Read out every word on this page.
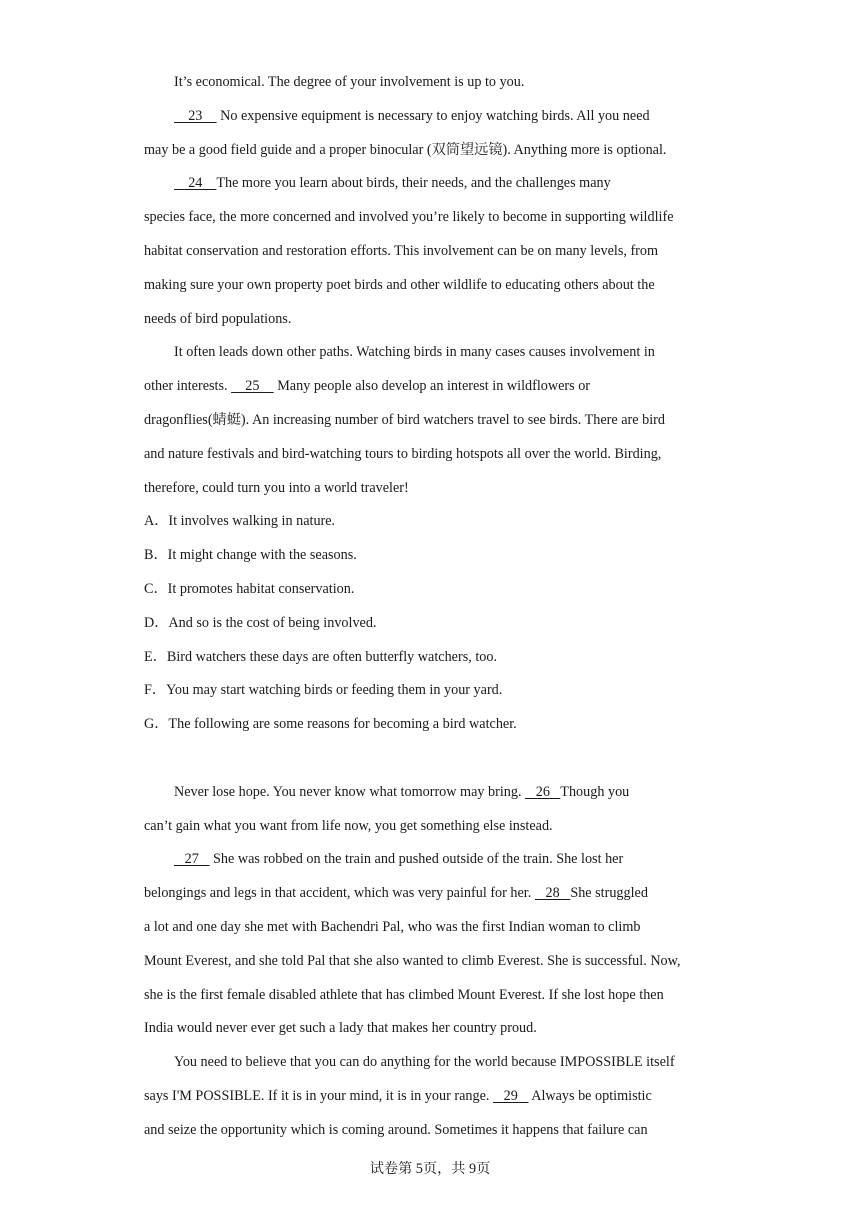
It’s economical. The degree of your involvement is up to you.
23     No expensive equipment is necessary to enjoy watching birds. All you need
may be a good field guide and a proper binocular (双筒望远镜). Anything more is optional.
24    The more you learn about birds, their needs, and the challenges many
species face, the more concerned and involved you’re likely to become in supporting wildlife
habitat conservation and restoration efforts. This involvement can be on many levels, from
making sure your own property poet birds and other wildlife to educating others about the
needs of bird populations.
It often leads down other paths. Watching birds in many cases causes involvement in
other interests.     25     Many people also develop an interest in wildflowers or
dragonflies(蜻蜓). An increasing number of bird watchers travel to see birds. There are bird
and nature festivals and bird-watching tours to birding hotspots all over the world. Birding,
therefore, could turn you into a world traveler!
A．It involves walking in nature.
B．It might change with the seasons.
C．It promotes habitat conservation.
D．And so is the cost of being involved.
E．Bird watchers these days are often butterfly watchers, too.
F．You may start watching birds or feeding them in your yard.
G．The following are some reasons for becoming a bird watcher.
Never lose hope. You never know what tomorrow may bring.    26   Though you
can’t gain what you want from life now, you get something else instead.
27    She was robbed on the train and pushed outside of the train. She lost her
belongings and legs in that accident, which was very painful for her.    28   She struggled
a lot and one day she met with Bachendri Pal, who was the first Indian woman to climb
Mount Everest, and she told Pal that she also wanted to climb Everest. She is successful. Now,
she is the first female disabled athlete that has climbed Mount Everest. If she lost hope then
India would never ever get such a lady that makes her country proud.
You need to believe that you can do anything for the world because IMPOSSIBLE itself
says I'M POSSIBLE. If it is in your mind, it is in your range.    29    Always be optimistic
and seize the opportunity which is coming around. Sometimes it happens that failure can
试卷第 5页，共 9页
